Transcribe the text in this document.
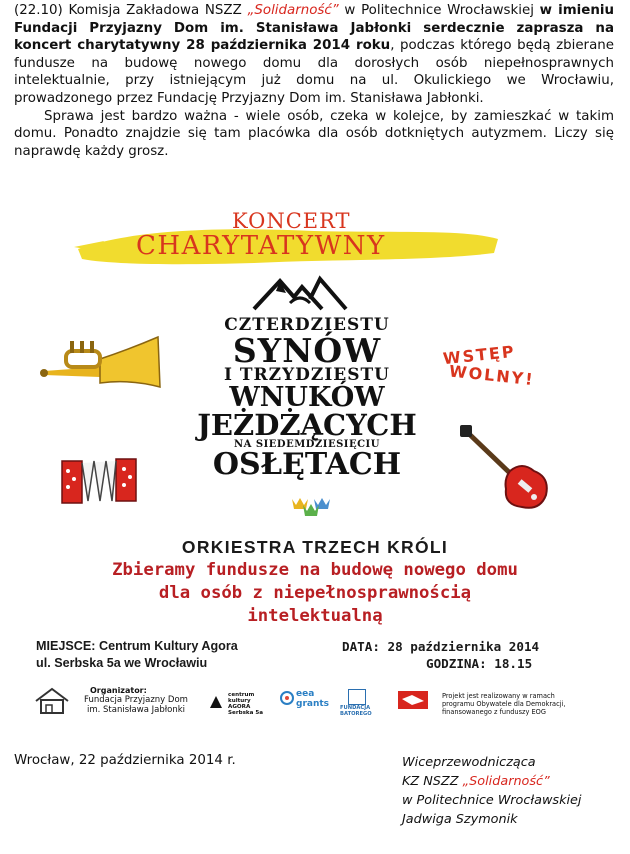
(22.10) Komisja Zakładowa NSZZ „Solidarność” w Politechnice Wrocławskiej w imieniu Fundacji Przyjazny Dom im. Stanisława Jabłonki serdecznie zaprasza na koncert charytatywny 28 października 2014 roku, podczas którego będą zbierane fundusze na budowę nowego domu dla dorosłych osób niepełnosprawnych intelektualnie, przy istniejącym już domu na ul. Okulickiego we Wrocławiu, prowadzonego przez Fundację Przyjazny Dom im. Stanisława Jabłonki.

Sprawa jest bardzo ważna - wiele osób, czeka w kolejce, by zamieszkać w takim domu. Ponadto znajdzie się tam placówka dla osób dotkniętych autyzmem. Liczy się naprawdę każdy grosz.

KONCERT
CHARYTATYWNY
CZTERDZIESTU
SYNÓW
I TRZYDZIESTU
WNUKÓW
JEŻDŻĄCYCH
NA SIEDEMDZIESIĘCIU
OSŁĘTACH
WSTĘP
WOLNY!
ORKIESTRA TRZECH KRÓLI
Zbieramy fundusze na budowę nowego domu
dla osób z niepełnosprawnością
intelektualną
MIEJSCE: Centrum Kultury Agora
ul. Serbska 5a we Wrocławiu
DATA: 28 października 2014
GODZINA: 18.15
Organizator:
Fundacja Przyjazny Dom
im. Stanisława Jabłonki
centrum
kultury
AGORA
Serbska 5a
eea
grants FUNDACJA
BATOREGO
Projekt jest realizowany w ramach
programu Obywatele dla Demokracji,
finansowanego z funduszy EOG
Wrocław, 22 października 2014 r.	Wiceprzewodnicząca
KZ NSZZ „Solidarność”
w Politechnice Wrocławskiej
Jadwiga Szymonik
